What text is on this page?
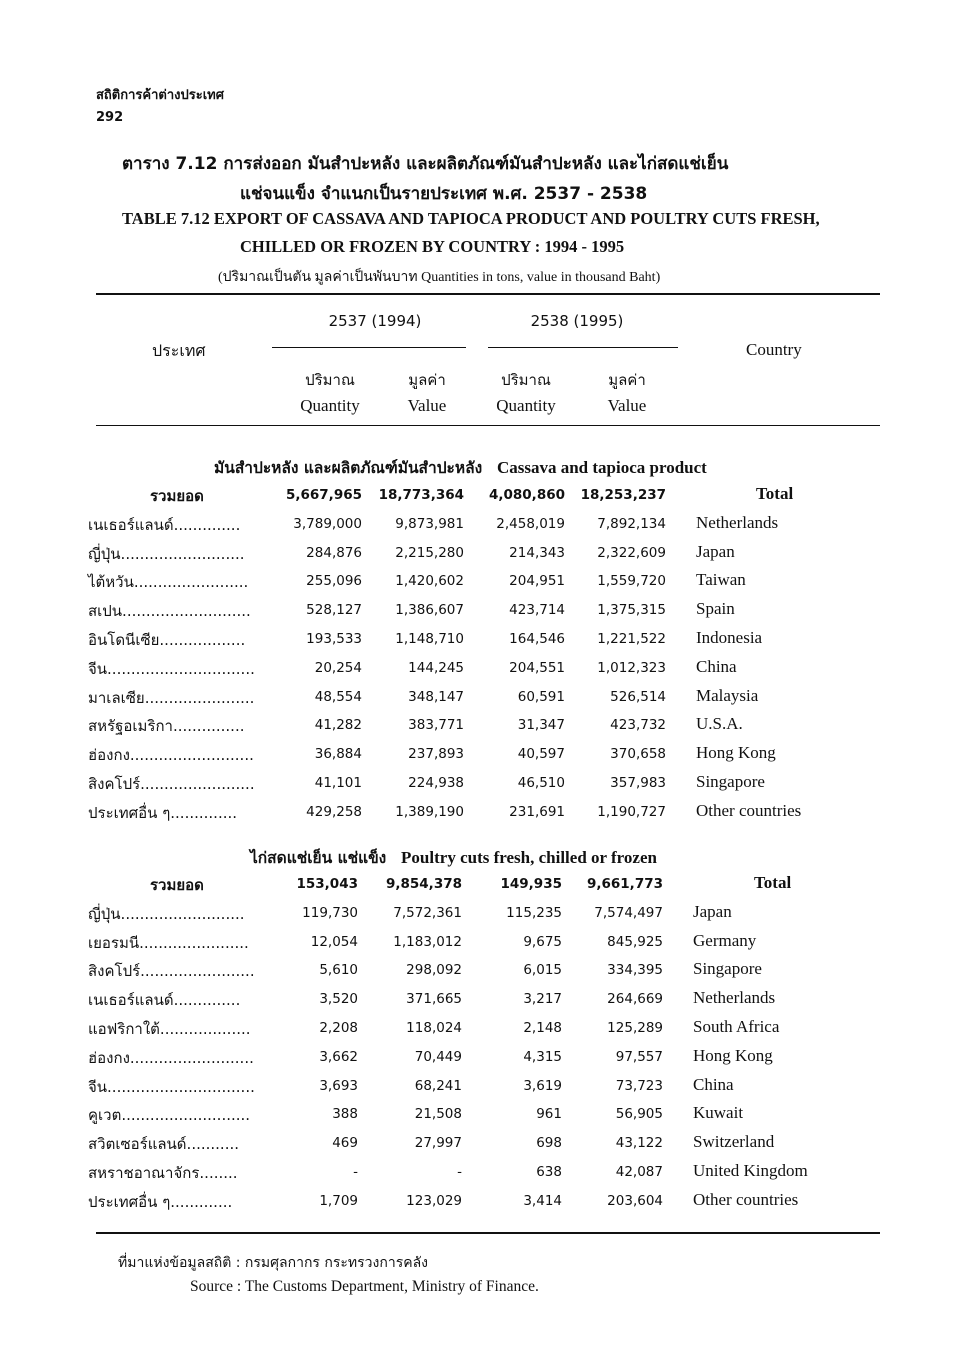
สถิติการค้าต่างประเทศ
292
ตาราง 7.12 การส่งออก มันสำปะหลัง และผลิตภัณฑ์มันสำปะหลัง และไก่สดแช่เย็น
แช่จนแข็ง จำแนกเป็นรายประเทศ พ.ศ. 2537 - 2538
TABLE 7.12 EXPORT OF CASSAVA AND TAPIOCA PRODUCT AND POULTRY CUTS FRESH,
CHILLED OR FROZEN BY COUNTRY : 1994 - 1995
(ปริมาณเป็นตัน มูลค่าเป็นพันบาท Quantities in tons, value in thousand Baht)
2537 (1994)	2538 (1995)
ประเทศ	Country
ปริมาณ	มูลค่า	ปริมาณ	มูลค่า
Quantity	Value	Quantity	Value
มันสำปะหลัง และผลิตภัณฑ์มันสำปะหลัง Cassava and tapioca product
รวมยอด	5,667,965 18,773,364 4,080,860 18,253,237	Total
เนเธอร์แลนด์..............	3,789,000 9,873,981 2,458,019 7,892,134 Netherlands
ญี่ปุ่น..........................	284,876 2,215,280	214,343 2,322,609 Japan
ไต้หวัน........................	255,096 1,420,602	204,951 1,559,720 Taiwan
สเปน...........................	528,127 1,386,607	423,714 1,375,315 Spain
อินโดนีเซีย..................	193,533 1,148,710	164,546 1,221,522 Indonesia
จีน...............................	20,254	144,245	204,551 1,012,323 China
มาเลเซีย.......................	48,554	348,147	60,591	526,514 Malaysia
สหรัฐอเมริกา...............	41,282	383,771	31,347	423,732 U.S.A.
ฮ่องกง..........................	36,884	237,893	40,597	370,658 Hong Kong
สิงคโปร์........................	41,101	224,938	46,510	357,983 Singapore
ประเทศอื่น ๆ..............	429,258 1,389,190	231,691 1,190,727 Other countries
ไก่สดแช่เย็น แช่แข็ง Poultry cuts fresh, chilled or frozen
รวมยอด	153,043 9,854,378	149,935 9,661,773	Total
ญี่ปุ่น..........................	119,730	7,572,361	115,235 7,574,497 Japan
เยอรมนี.......................	12,054	1,183,012	9,675	845,925 Germany
สิงคโปร์........................	5,610	298,092	6,015	334,395 Singapore
เนเธอร์แลนด์..............	3,520	371,665	3,217	264,669 Netherlands
แอฟริกาใต้...................	2,208	118,024	2,148	125,289 South Africa
ฮ่องกง..........................	3,662	70,449	4,315	97,557 Hong Kong
จีน...............................	3,693	68,241	3,619	73,723 China
คูเวต...........................	388	21,508	961	56,905 Kuwait
สวิตเซอร์แลนด์...........	469	27,997	698	43,122 Switzerland
สหราชอาณาจักร........	-	-	638	42,087 United Kingdom
ประเทศอื่น ๆ.............	1,709	123,029	3,414	203,604 Other countries
ที่มาแห่งข้อมูลสถิติ : กรมศุลกากร กระทรวงการคลัง
Source : The Customs Department, Ministry of Finance.
